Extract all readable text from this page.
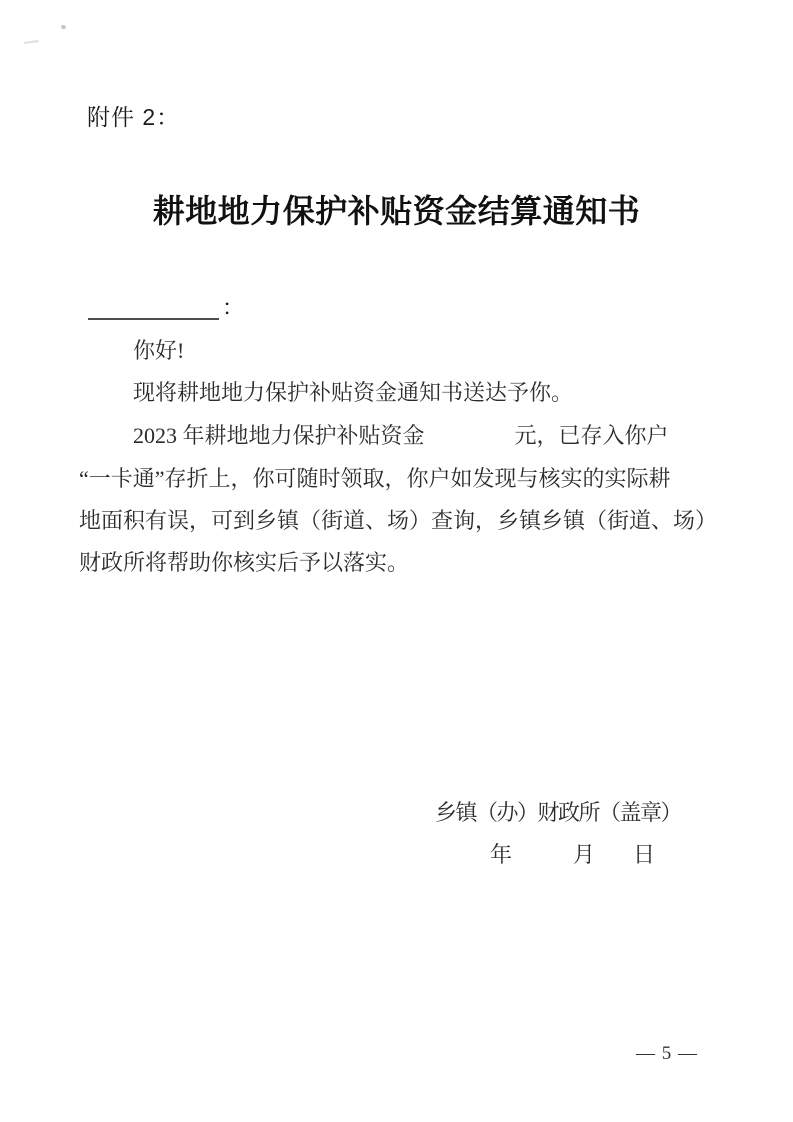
附件 2：
耕地地力保护补贴资金结算通知书
：
你好!
现将耕地地力保护补贴资金通知书送达予你。
2023 年耕地地力保护补贴资金	元，已存入你户
“一卡通”存折上，你可随时领取，你户如发现与核实的实际耕
地面积有误，可到乡镇（街道、场）查询，乡镇乡镇（街道、场）
财政所将帮助你核实后予以落实。
乡镇（办）财政所（盖章）
年	月 日
— 5 —
